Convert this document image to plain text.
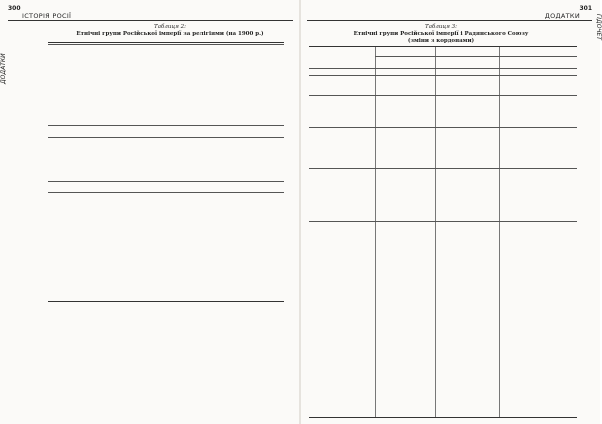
300
ІСТОРІЯ РОСІЇ
ДОДАТКИ
Таблиця 2:
Етнічні групи Російської імперії за релігіями (на 1900 р.)
301
ДОДАТКИ	ГІДОЧЕТ
Таблиця 3:
Етнічні групи Російської імперії і Радянського Союзу
(зміни з кордонами)
